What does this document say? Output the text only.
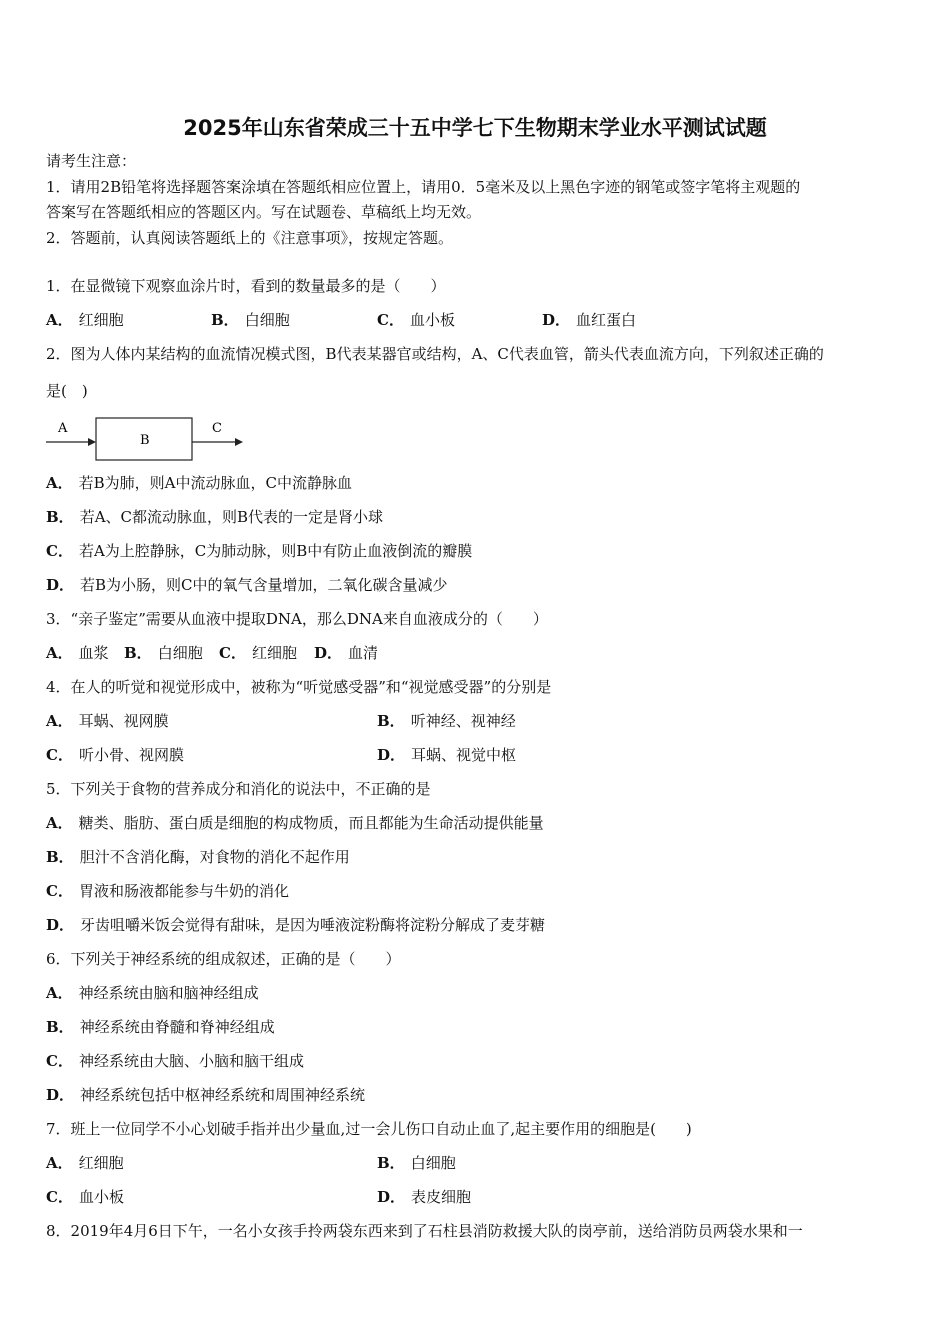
2025年山东省荣成三十五中学七下生物期末学业水平测试试题
请考生注意：
1．请用2B铅笔将选择题答案涂填在答题纸相应位置上，请用0．5毫米及以上黑色字迹的钢笔或签字笔将主观题的
答案写在答题纸相应的答题区内。写在试题卷、草稿纸上均无效。
2．答题前，认真阅读答题纸上的《注意事项》，按规定答题。
1．在显微镜下观察血涂片时，看到的数量最多的是（　　）
A． 红细胞	B． 白细胞	C． 血小板	D． 血红蛋白
2．图为人体内某结构的血流情况模式图，B代表某器官或结构，A、C代表血管，箭头代表血流方向，下列叙述正确的
是(　)
A
B
C
A． 若B为肺，则A中流动脉血，C中流静脉血
B． 若A、C都流动脉血，则B代表的一定是肾小球
C． 若A为上腔静脉，C为肺动脉，则B中有防止血液倒流的瓣膜
D． 若B为小肠，则C中的氧气含量增加，二氧化碳含量减少
3．“亲子鉴定”需要从血液中提取DNA，那么DNA来自血液成分的（　　）
A． 血浆 B． 白细胞 C． 红细胞 D． 血清
4．在人的听觉和视觉形成中，被称为“听觉感受器”和“视觉感受器”的分别是
A． 耳蜗、视网膜	B． 听神经、视神经
C． 听小骨、视网膜	D． 耳蜗、视觉中枢
5．下列关于食物的营养成分和消化的说法中，不正确的是
A． 糖类、脂肪、蛋白质是细胞的构成物质，而且都能为生命活动提供能量
B． 胆汁不含消化酶，对食物的消化不起作用
C． 胃液和肠液都能参与牛奶的消化
D． 牙齿咀嚼米饭会觉得有甜味，是因为唾液淀粉酶将淀粉分解成了麦芽糖
6．下列关于神经系统的组成叙述，正确的是（　　）
A． 神经系统由脑和脑神经组成
B． 神经系统由脊髓和脊神经组成
C． 神经系统由大脑、小脑和脑干组成
D． 神经系统包括中枢神经系统和周围神经系统
7．班上一位同学不小心划破手指并出少量血,过一会儿伤口自动止血了,起主要作用的细胞是(　　)
A． 红细胞	B． 白细胞
C． 血小板	D． 表皮细胞
8．2019年4月6日下午，一名小女孩手拎两袋东西来到了石柱县消防救援大队的岗亭前，送给消防员两袋水果和一
